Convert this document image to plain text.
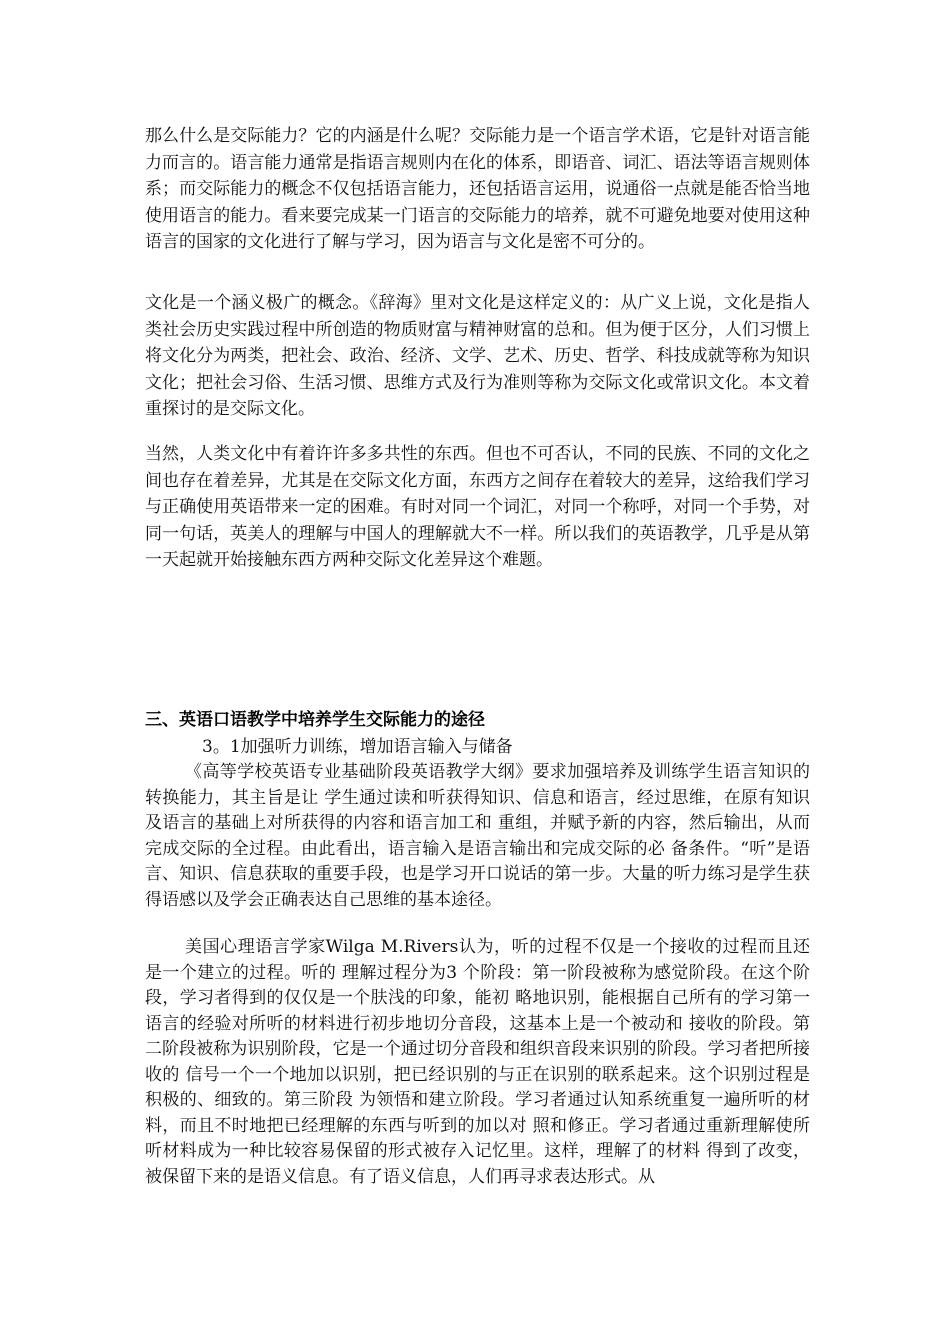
那么什么是交际能力？它的内涵是什么呢？交际能力是一个语言学术语，它是针对语言能力而言的。语言能力通常是指语言规则内在化的体系，即语音、词汇、语法等语言规则体系；而交际能力的概念不仅包括语言能力，还包括语言运用，说通俗一点就是能否恰当地使用语言的能力。看来要完成某一门语言的交际能力的培养，就不可避免地要对使用这种语言的国家的文化进行了解与学习，因为语言与文化是密不可分的。

文化是一个涵义极广的概念。《辞海》里对文化是这样定义的：从广义上说，文化是指人类社会历史实践过程中所创造的物质财富与精神财富的总和。但为便于区分，人们习惯上将文化分为两类，把社会、政治、经济、文学、艺术、历史、哲学、科技成就等称为知识文化；把社会习俗、生活习惯、思维方式及行为准则等称为交际文化或常识文化。本文着重探讨的是交际文化。

当然，人类文化中有着许许多多共性的东西。但也不可否认，不同的民族、不同的文化之间也存在着差异，尤其是在交际文化方面，东西方之间存在着较大的差异，这给我们学习与正确使用英语带来一定的困难。有时对同一个词汇，对同一个称呼，对同一个手势，对同一句话，英美人的理解与中国人的理解就大不一样。所以我们的英语教学，几乎是从第一天起就开始接触东西方两种交际文化差异这个难题。

三、英语口语教学中培养学生交际能力的途径

3。1加强听力训练，增加语言输入与储备

《高等学校英语专业基础阶段英语教学大纲》要求加强培养及训练学生语言知识的转换能力，其主旨是让 学生通过读和听获得知识、信息和语言，经过思维，在原有知识及语言的基础上对所获得的内容和语言加工和 重组，并赋予新的内容，然后输出，从而完成交际的全过程。由此看出，语言输入是语言输出和完成交际的必 备条件。“听”是语言、知识、信息获取的重要手段，也是学习开口说话的第一步。大量的听力练习是学生获 得语感以及学会正确表达自己思维的基本途径。

美国心理语言学家Wilga M.Rivers认为，听的过程不仅是一个接收的过程而且还是一个建立的过程。听的 理解过程分为3 个阶段：第一阶段被称为感觉阶段。在这个阶段，学习者得到的仅仅是一个肤浅的印象，能初 略地识别，能根据自己所有的学习第一语言的经验对所听的材料进行初步地切分音段，这基本上是一个被动和 接收的阶段。第二阶段被称为识别阶段，它是一个通过切分音段和组织音段来识别的阶段。学习者把所接收的 信号一个一个地加以识别，把已经识别的与正在识别的联系起来。这个识别过程是积极的、细致的。第三阶段 为领悟和建立阶段。学习者通过认知系统重复一遍所听的材料，而且不时地把已经理解的东西与听到的加以对 照和修正。学习者通过重新理解使所听材料成为一种比较容易保留的形式被存入记忆里。这样，理解了的材料 得到了改变，被保留下来的是语义信息。有了语义信息，人们再寻求表达形式。从
